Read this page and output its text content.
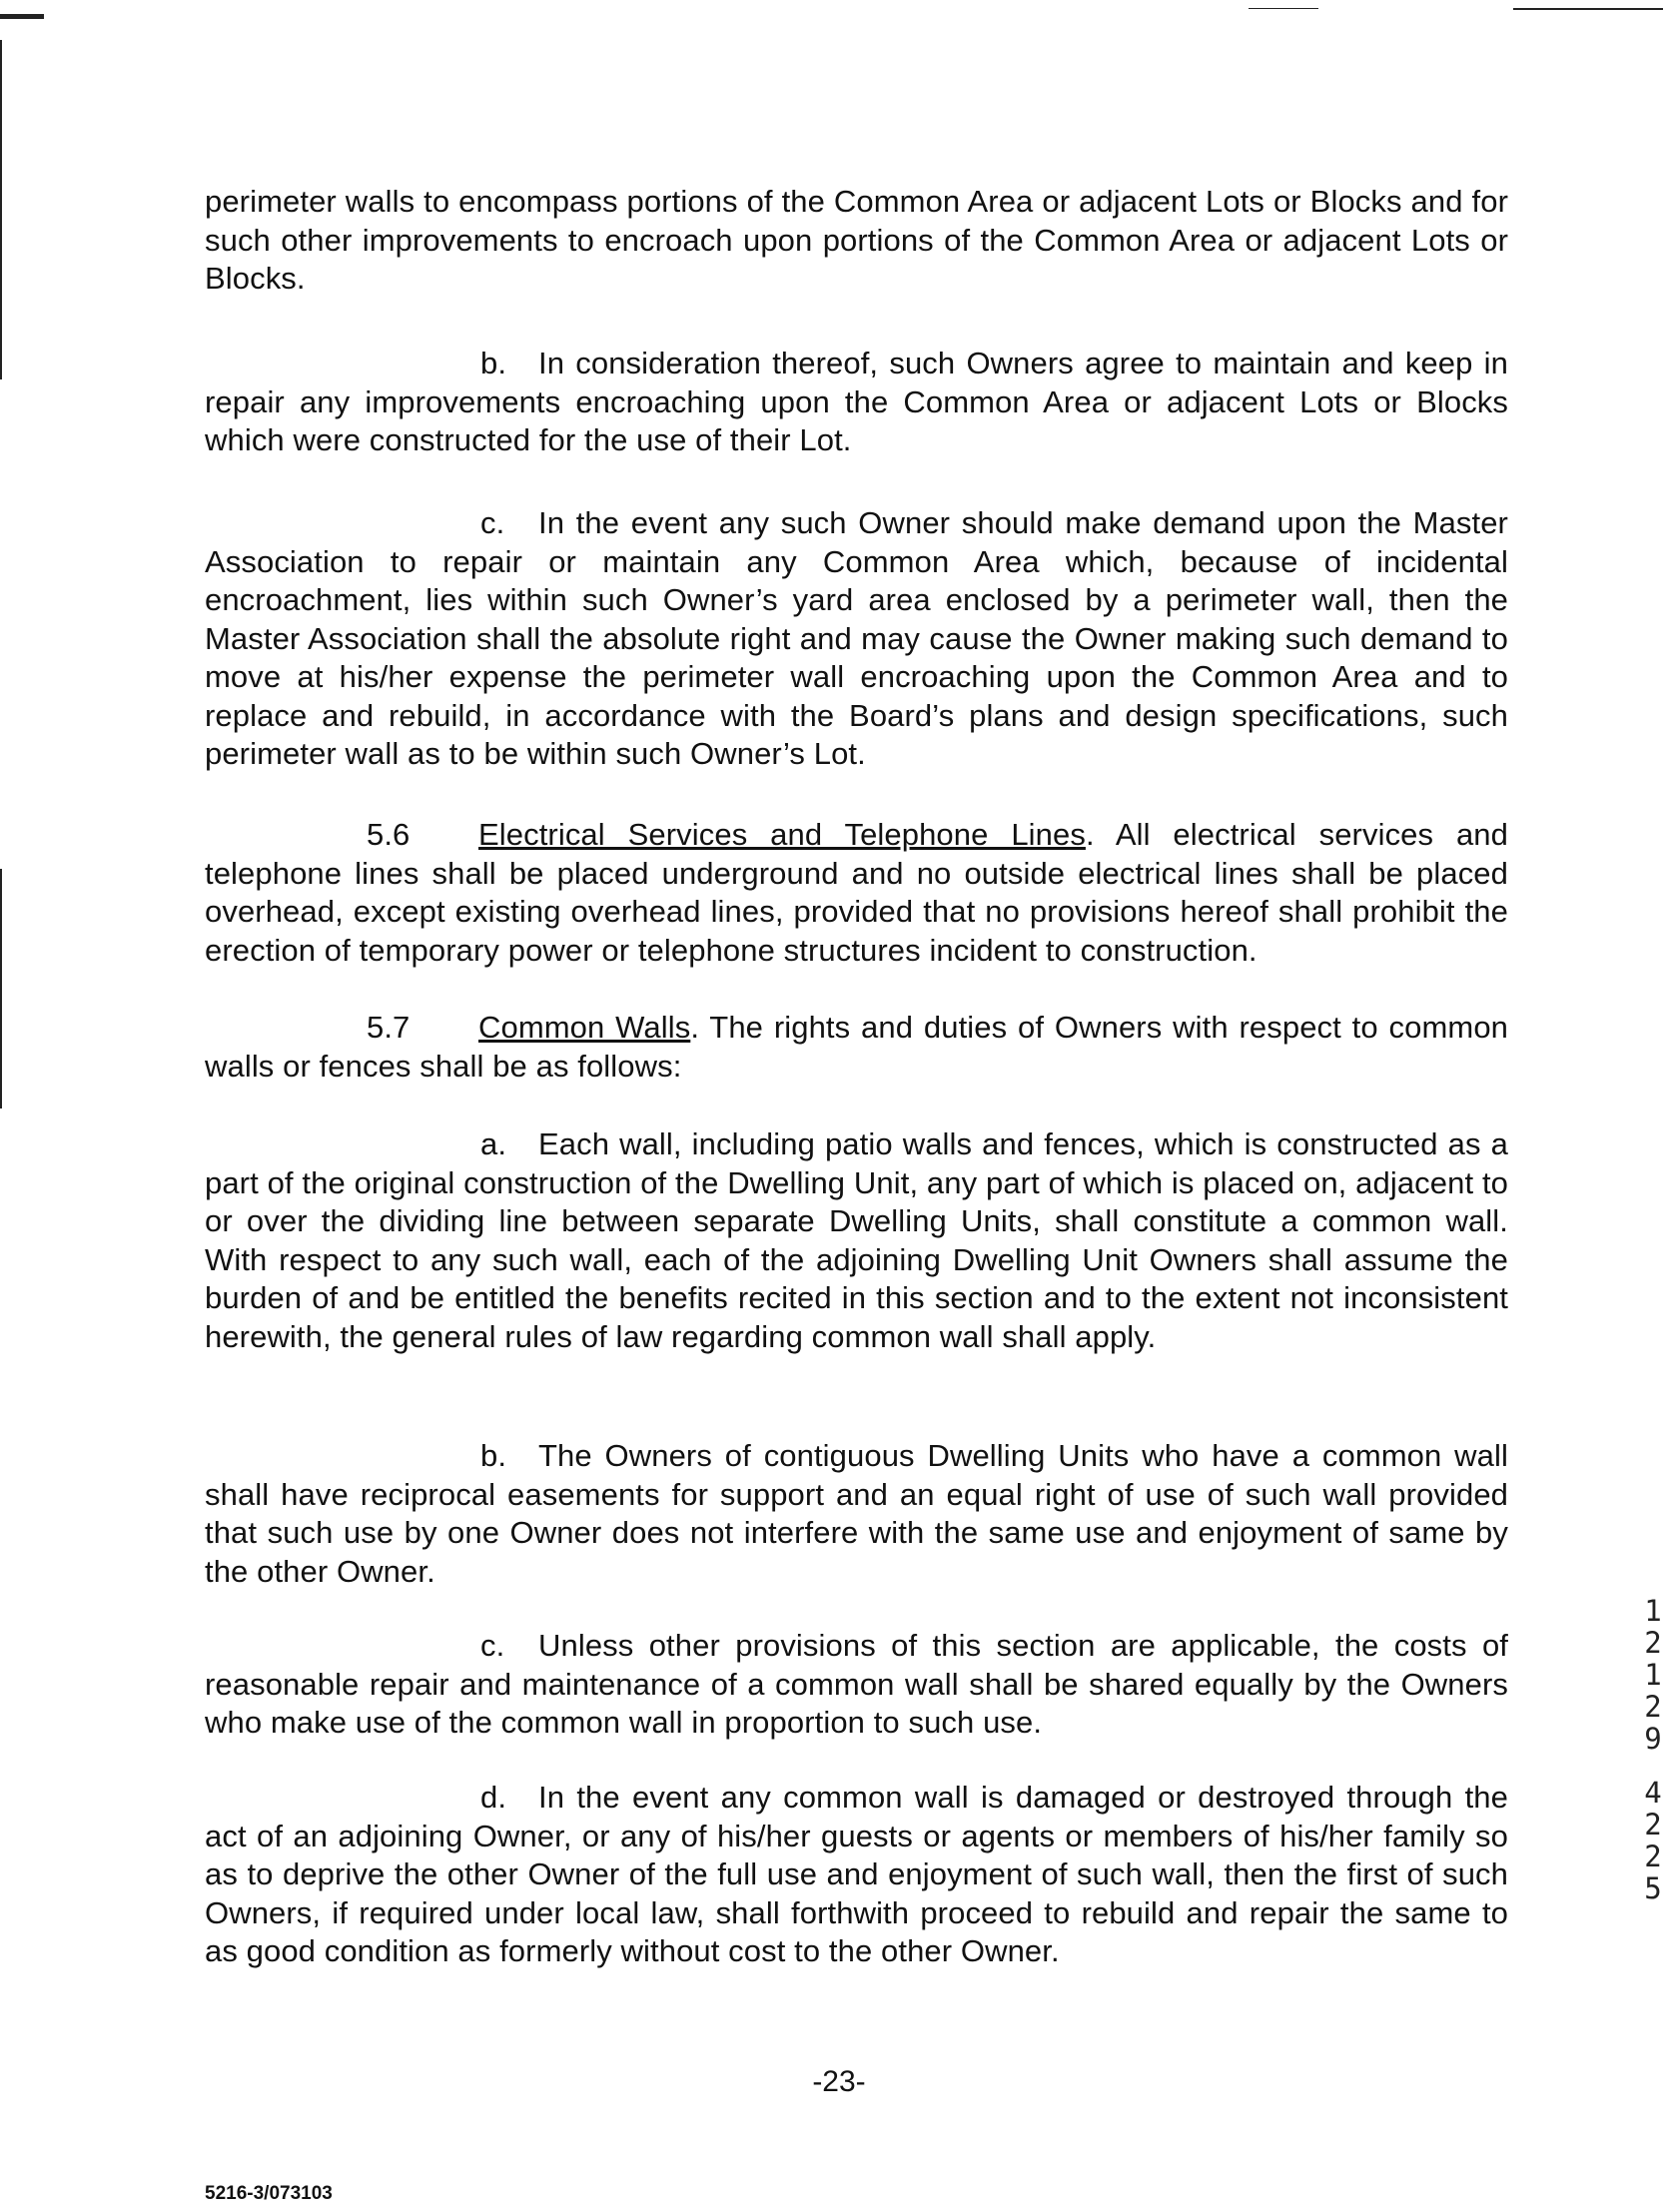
perimeter walls to encompass portions of the Common Area or adjacent Lots or Blocks and for such other improvements to encroach upon portions of the Common Area or adjacent Lots or Blocks.

b. In consideration thereof, such Owners agree to maintain and keep in repair any improvements encroaching upon the Common Area or adjacent Lots or Blocks which were constructed for the use of their Lot.

c. In the event any such Owner should make demand upon the Master Association to repair or maintain any Common Area which, because of incidental encroachment, lies within such Owner’s yard area enclosed by a perimeter wall, then the Master Association shall the absolute right and may cause the Owner making such demand to move at his/her expense the perimeter wall encroaching upon the Common Area and to replace and rebuild, in accordance with the Board’s plans and design specifications, such perimeter wall as to be within such Owner’s Lot.

5.6 Electrical Services and Telephone Lines. All electrical services and telephone lines shall be placed underground and no outside electrical lines shall be placed overhead, except existing overhead lines, provided that no provisions hereof shall prohibit the erection of temporary power or telephone structures incident to construction.

5.7 Common Walls. The rights and duties of Owners with respect to common walls or fences shall be as follows:

a. Each wall, including patio walls and fences, which is constructed as a part of the original construction of the Dwelling Unit, any part of which is placed on, adjacent to or over the dividing line between separate Dwelling Units, shall constitute a common wall. With respect to any such wall, each of the adjoining Dwelling Unit Owners shall assume the burden of and be entitled the benefits recited in this section and to the extent not inconsistent herewith, the general rules of law regarding common wall shall apply.

b. The Owners of contiguous Dwelling Units who have a common wall shall have reciprocal easements for support and an equal right of use of such wall provided that such use by one Owner does not interfere with the same use and enjoyment of same by the other Owner.

c. Unless other provisions of this section are applicable, the costs of reasonable repair and maintenance of a common wall shall be shared equally by the Owners who make use of the common wall in proportion to such use.

d. In the event any common wall is damaged or destroyed through the act of an adjoining Owner, or any of his/her guests or agents or members of his/her family so as to deprive the other Owner of the full use and enjoyment of such wall, then the first of such Owners, if required under local law, shall forthwith proceed to rebuild and repair the same to as good condition as formerly without cost to the other Owner.

1
2
1
2
9
4
2
2
5
-23-
5216-3/073103
